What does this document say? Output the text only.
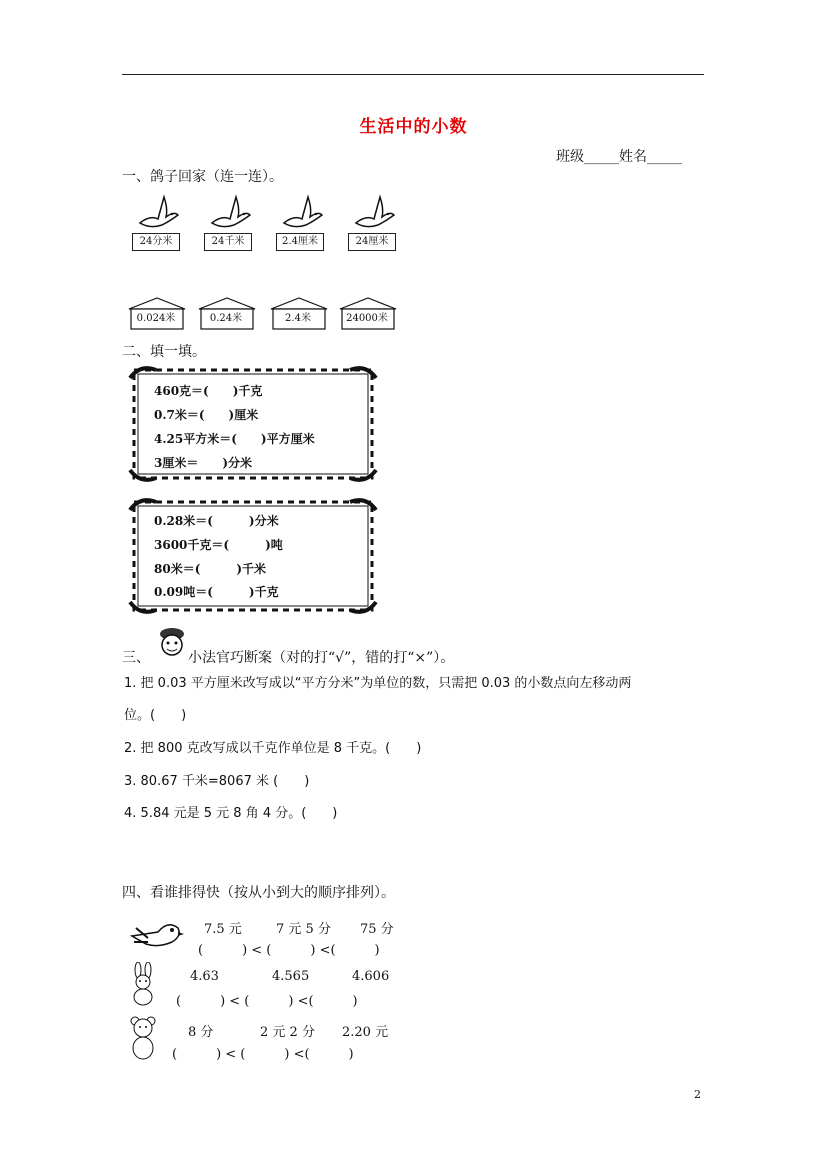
生活中的小数
班级_____姓名_____
一、鸽子回家（连一连）。
24分米	24千米	2.4厘米	24厘米
0.024米	0.24米	2.4米	24000米
二、填一填。
460克＝(　　)千克
0.7米＝(　　)厘米
4.25平方米＝(　　)平方厘米
3厘米＝　　)分米
0.28米＝(　　　)分米
3600千克＝(　　　)吨
80米＝(　　　)千米
0.09吨＝(　　　)千克
三、	小法官巧断案（对的打“√”，错的打“×”）。
1. 把 0.03 平方厘米改写成以“平方分米”为单位的数，只需把 0.03 的小数点向左移动两
位。(　　)
2. 把 800 克改写成以千克作单位是 8 千克。(　　)
3. 80.67 千米=8067 米 (　　)
4. 5.84 元是 5 元 8 角 4 分。(　　)
四、看谁排得快（按从小到大的顺序排列）。
7.5 元	7 元 5 分 75 分
(　　　) < (　　　) <(　　　)
4.63	4.565	4.606
(　　　) < (　　　) <(　　　)
8 分	2 元 2 分 2.20 元
(　　　) < (　　　) <(　　　)
2
